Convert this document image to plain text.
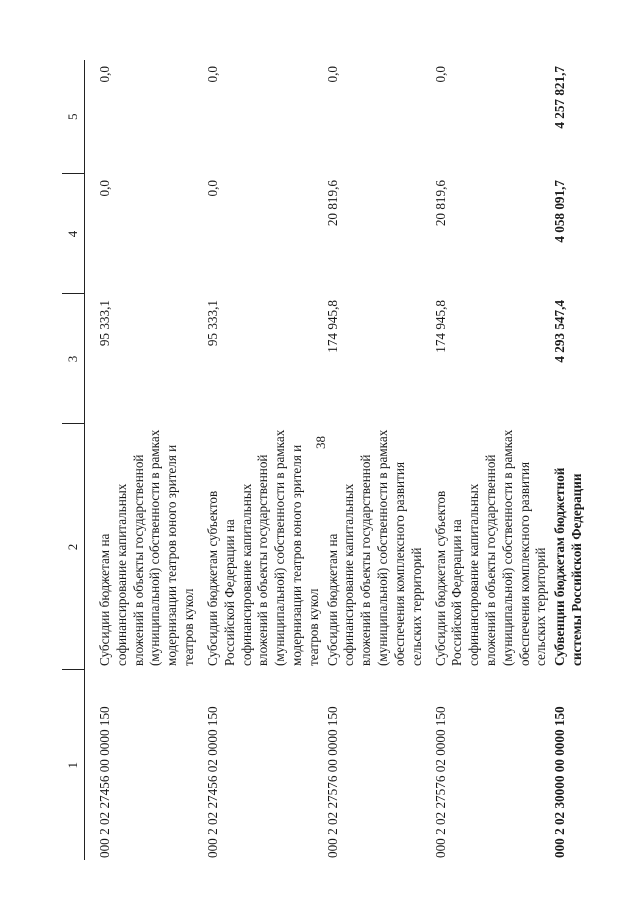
38
1	2	3	4	5

000 2 02 27456 00 0000 150	Субсидии бюджетам на софинансирование капитальных вложений в объекты государственной (муниципальной) собственности в рамках модернизации театров юного зрителя и театров кукол	95 333,1	0,0	0,0
000 2 02 27456 02 0000 150	Субсидии бюджетам субъектов Российской Федерации на софинансирование капитальных вложений в объекты государственной (муниципальной) собственности в рамках модернизации театров юного зрителя и театров кукол	95 333,1	0,0	0,0
000 2 02 27576 00 0000 150	Субсидии бюджетам на софинансирование капитальных вложений в объекты государственной (муниципальной) собственности в рамках обеспечения комплексного развития сельских территорий	174 945,8	20 819,6	0,0
000 2 02 27576 02 0000 150	Субсидии бюджетам субъектов Российской Федерации на софинансирование капитальных вложений в объекты государственной (муниципальной) собственности в рамках обеспечения комплексного развития сельских территорий	174 945,8	20 819,6	0,0
000 2 02 30000 00 0000 150	Субвенции бюджетам бюджетной системы Российской Федерации	4 293 547,4	4 058 091,7	4 257 821,7
